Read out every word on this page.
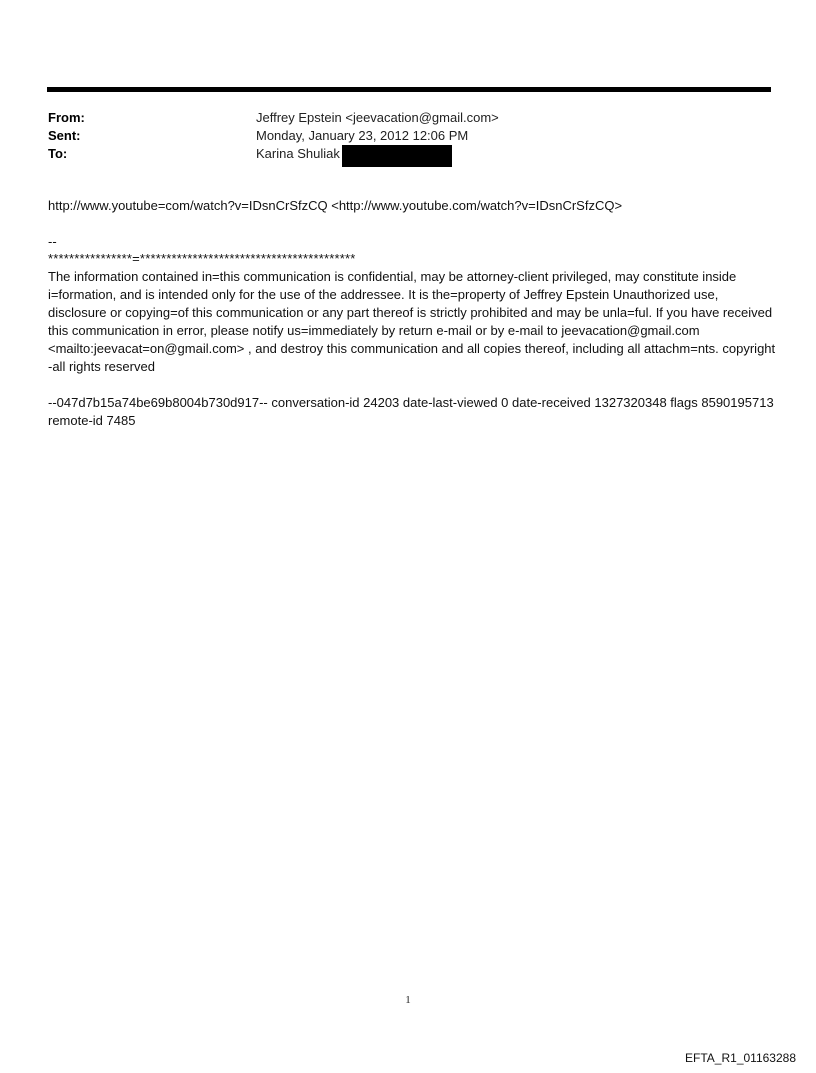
From:	Jeffrey Epstein <jeevacation@gmail.com>
Sent:	Monday, January 23, 2012 12:06 PM
To:	Karina Shuliak
http://www.youtube=com/watch?v=IDsnCrSfzCQ <http://www.youtube.com/watch?v=IDsnCrSfzCQ>
--
****************=*****************************************
The information contained in=this communication is confidential, may be attorney-client privileged, may constitute inside i=formation, and is intended only for the use of the addressee. It is the=property of Jeffrey Epstein Unauthorized use, disclosure or copying=of this communication or any part thereof is strictly prohibited and may be unla=ful. If you have received this communication in error, please notify us=immediately by return e-mail or by e-mail to jeevacation@gmail.com <mailto:jeevacat=on@gmail.com> , and destroy this communication and all copies thereof, including all attachm=nts. copyright -all rights reserved
--047d7b15a74be69b8004b730d917-- conversation-id 24203 date-last-viewed 0 date-received 1327320348 flags 8590195713 remote-id 7485
1
EFTA_R1_01163288
